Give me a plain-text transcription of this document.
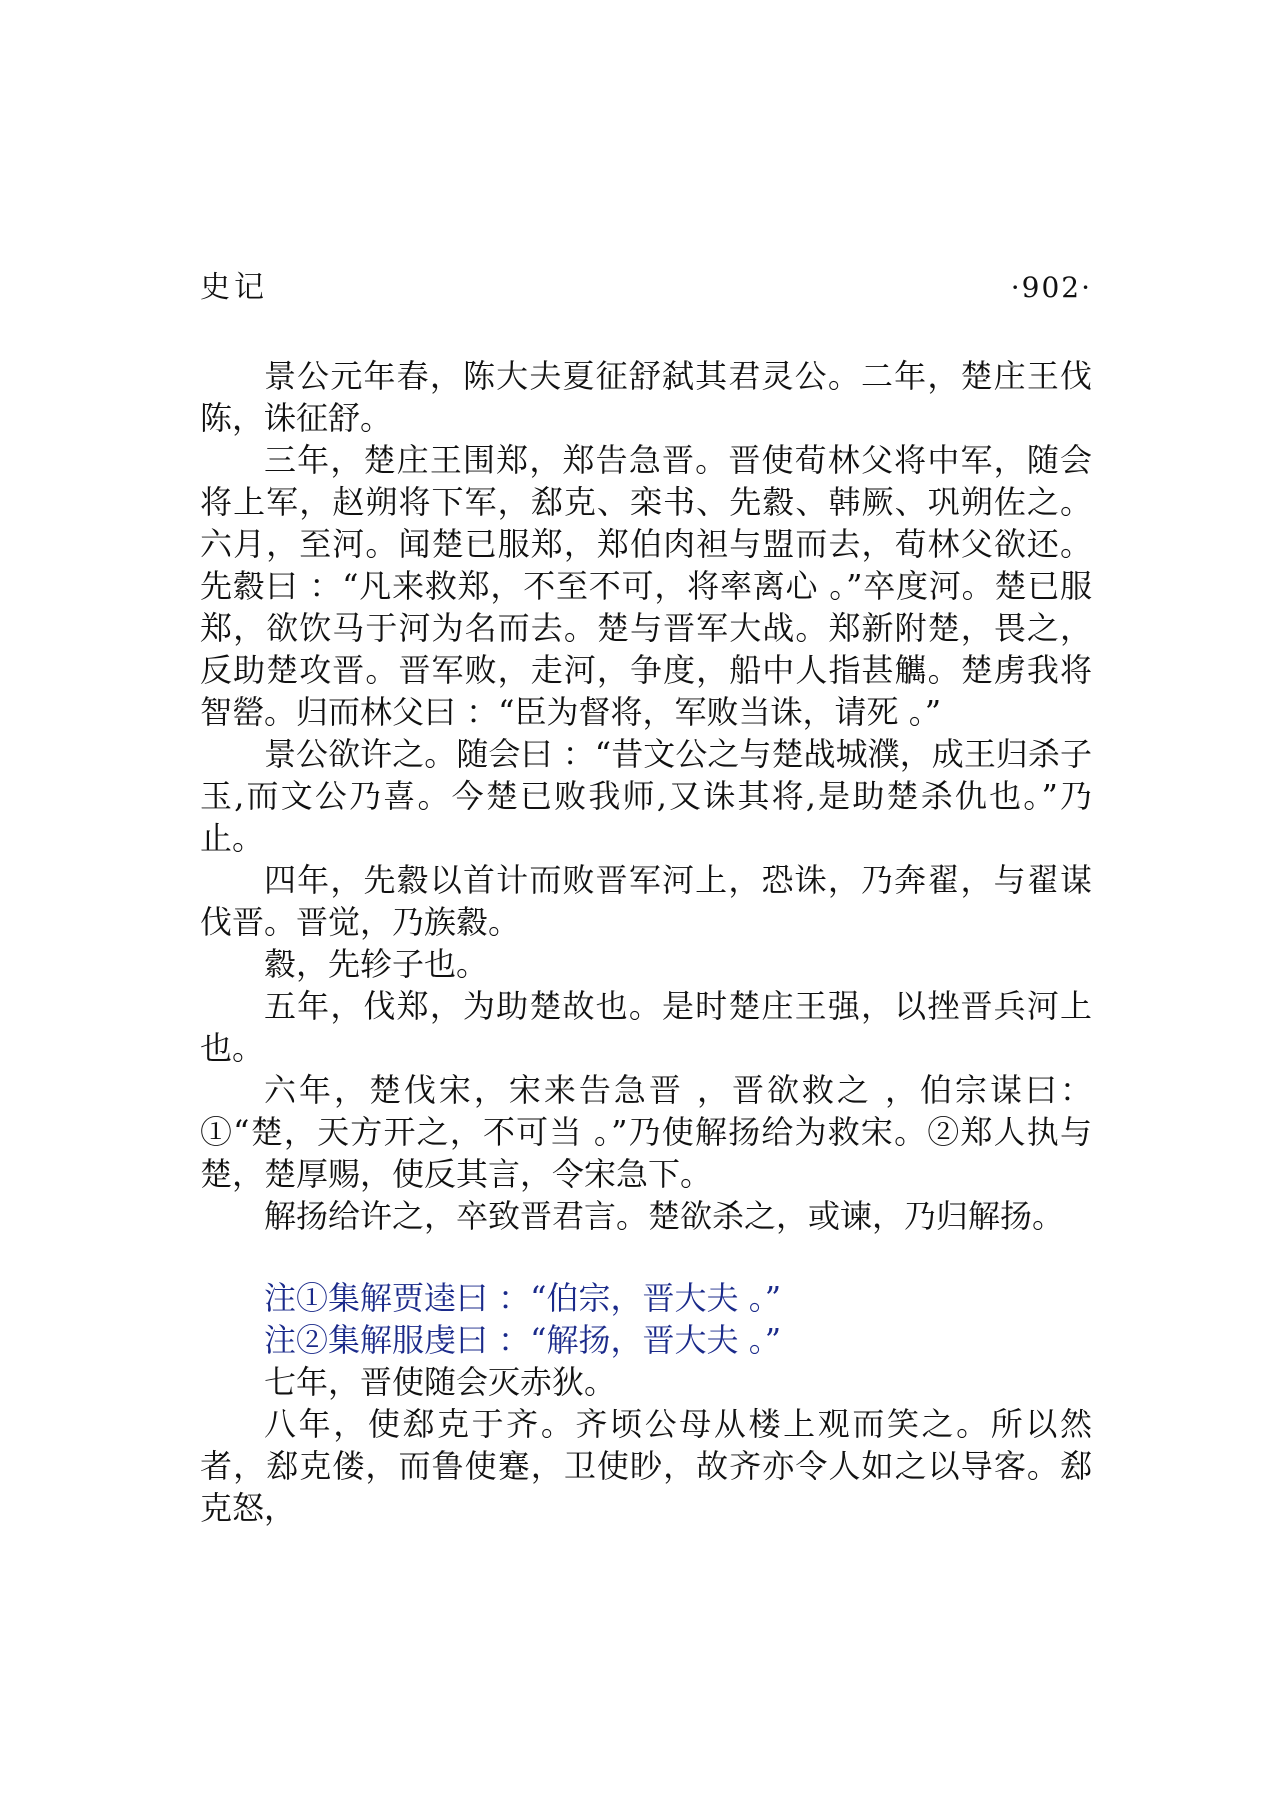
史记	·902·

景公元年春，陈大夫夏征舒弑其君灵公。二年，楚庄王伐陈，诛征舒。

三年，楚庄王围郑，郑告急晋。晋使荀林父将中军，随会将上军，赵朔将下军，郄克、栾书、先縠、韩厥、巩朔佐之。六月，至河。闻楚已服郑，郑伯肉袒与盟而去，荀林父欲还。先縠曰 ：“凡来救郑，不至不可，将率离心 。”卒度河。楚已服郑，欲饮马于河为名而去。楚与晋军大战。郑新附楚，畏之，反助楚攻晋。晋军败，走河，争度，船中人指甚觽。楚虏我将智罃。归而林父曰 ：“臣为督将，军败当诛，请死 。”

景公欲许之。随会曰 ：“昔文公之与楚战城濮，成王归杀子玉,而文公乃喜。今楚已败我师,又诛其将,是助楚杀仇也。”乃止。

四年，先縠以首计而败晋军河上，恐诛，乃奔翟，与翟谋伐晋。晋觉，乃族縠。

縠，先轸子也。

五年，伐郑，为助楚故也。是时楚庄王强，以挫晋兵河上也。

六年，楚伐宋，宋来告急晋 ，晋欲救之 ，伯宗谋曰：①“楚，天方开之，不可当 。”乃使解扬给为救宋。②郑人执与楚，楚厚赐，使反其言，令宋急下。

解扬给许之，卒致晋君言。楚欲杀之，或谏，乃归解扬。

注①集解贾逵曰 ：“伯宗，晋大夫 。”

注②集解服虔曰 ：“解扬，晋大夫 。”

七年，晋使随会灭赤狄。

八年，使郄克于齐。齐顷公母从楼上观而笑之。所以然者，郄克偻，而鲁使蹇，卫使眇，故齐亦令人如之以导客。郄克怒，
